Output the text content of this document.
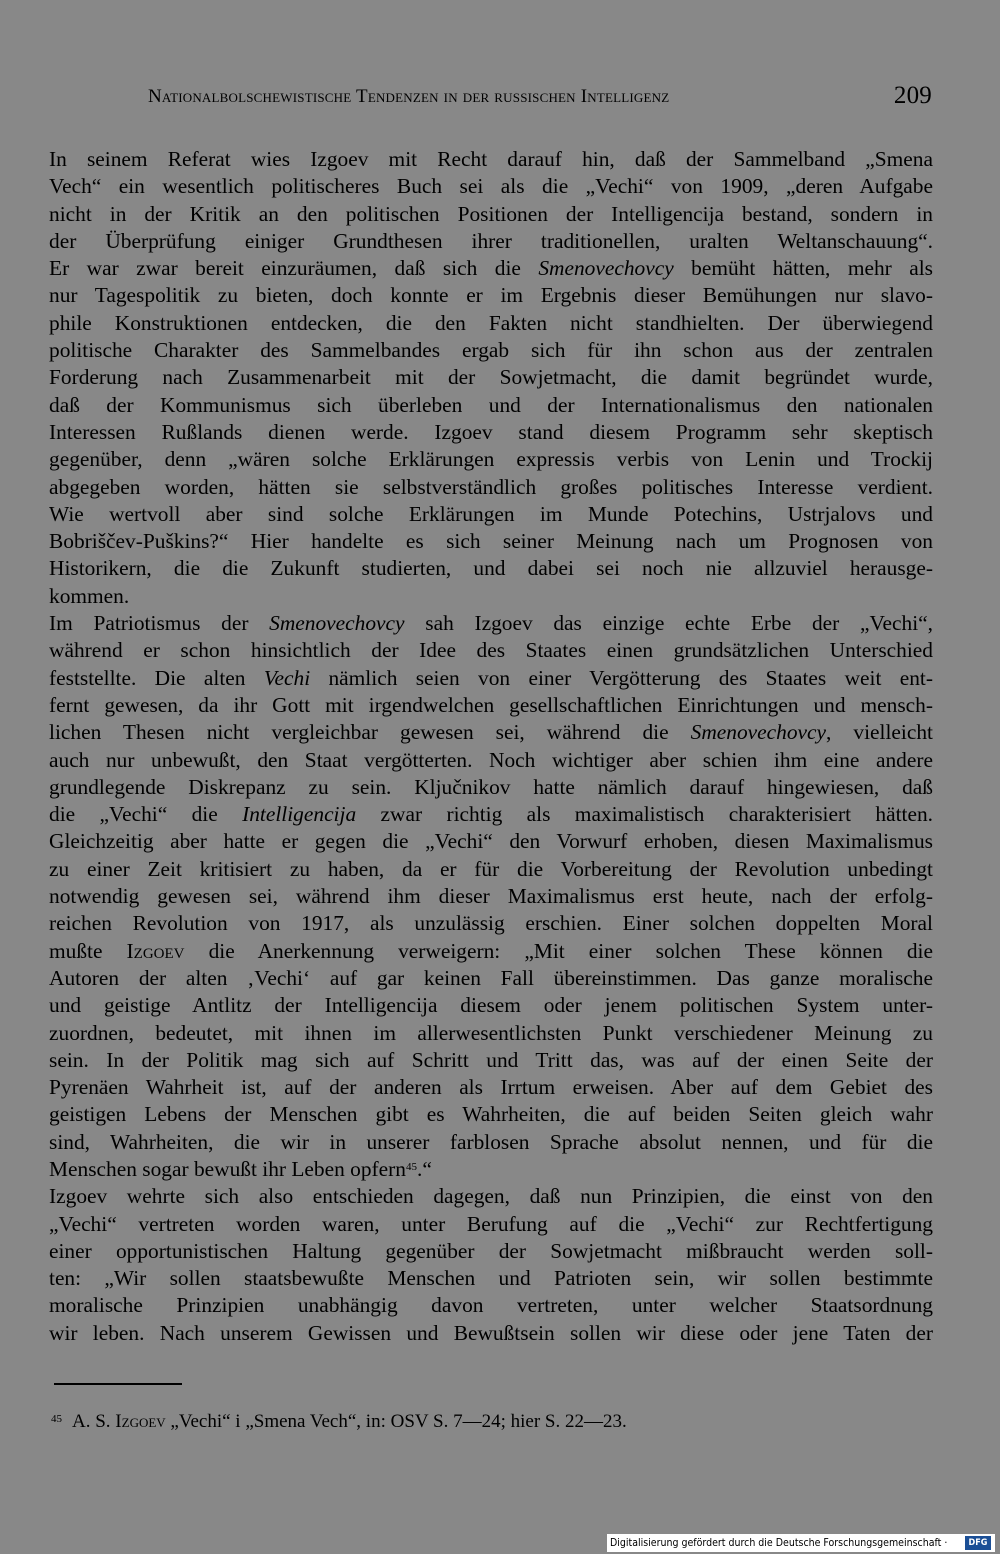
Nationalbolschewistische Tendenzen in der russischen Intelligenz	209
In seinem Referat wies Izgoev mit Recht darauf hin, daß der Sammelband „Smena
Vech“ ein wesentlich politischeres Buch sei als die „Vechi“ von 1909, „deren Aufgabe
nicht in der Kritik an den politischen Positionen der Intelligencija bestand, sondern in
der Überprüfung einiger Grundthesen ihrer traditionellen, uralten Weltanschauung“.
Er war zwar bereit einzuräumen, daß sich die Smenovechovcy bemüht hätten, mehr als
nur Tagespolitik zu bieten, doch konnte er im Ergebnis dieser Bemühungen nur slavo-
phile Konstruktionen entdecken, die den Fakten nicht standhielten. Der überwiegend
politische Charakter des Sammelbandes ergab sich für ihn schon aus der zentralen
Forderung nach Zusammenarbeit mit der Sowjetmacht, die damit begründet wurde,
daß der Kommunismus sich überleben und der Internationalismus den nationalen
Interessen Rußlands dienen werde. Izgoev stand diesem Programm sehr skeptisch
gegenüber, denn „wären solche Erklärungen expressis verbis von Lenin und Trockij
abgegeben worden, hätten sie selbstverständlich großes politisches Interesse verdient.
Wie wertvoll aber sind solche Erklärungen im Munde Potechins, Ustrjalovs und
Bobriščev-Puškins?“ Hier handelte es sich seiner Meinung nach um Prognosen von
Historikern, die die Zukunft studierten, und dabei sei noch nie allzuviel herausge-
kommen.
Im Patriotismus der Smenovechovcy sah Izgoev das einzige echte Erbe der „Vechi“,
während er schon hinsichtlich der Idee des Staates einen grundsätzlichen Unterschied
feststellte. Die alten Vechi nämlich seien von einer Vergötterung des Staates weit ent-
fernt gewesen, da ihr Gott mit irgendwelchen gesellschaftlichen Einrichtungen und mensch-
lichen Thesen nicht vergleichbar gewesen sei, während die Smenovechovcy, vielleicht
auch nur unbewußt, den Staat vergötterten. Noch wichtiger aber schien ihm eine andere
grundlegende Diskrepanz zu sein. Ključnikov hatte nämlich darauf hingewiesen, daß
die „Vechi“ die Intelligencija zwar richtig als maximalistisch charakterisiert hätten.
Gleichzeitig aber hatte er gegen die „Vechi“ den Vorwurf erhoben, diesen Maximalismus
zu einer Zeit kritisiert zu haben, da er für die Vorbereitung der Revolution unbedingt
notwendig gewesen sei, während ihm dieser Maximalismus erst heute, nach der erfolg-
reichen Revolution von 1917, als unzulässig erschien. Einer solchen doppelten Moral
mußte Izgoev die Anerkennung verweigern: „Mit einer solchen These können die
Autoren der alten ‚Vechi‘ auf gar keinen Fall übereinstimmen. Das ganze moralische
und geistige Antlitz der Intelligencija diesem oder jenem politischen System unter-
zuordnen, bedeutet, mit ihnen im allerwesentlichsten Punkt verschiedener Meinung zu
sein. In der Politik mag sich auf Schritt und Tritt das, was auf der einen Seite der
Pyrenäen Wahrheit ist, auf der anderen als Irrtum erweisen. Aber auf dem Gebiet des
geistigen Lebens der Menschen gibt es Wahrheiten, die auf beiden Seiten gleich wahr
sind, Wahrheiten, die wir in unserer farblosen Sprache absolut nennen, und für die
Menschen sogar bewußt ihr Leben opfern$^{45}$.“
Izgoev wehrte sich also entschieden dagegen, daß nun Prinzipien, die einst von den
„Vechi“ vertreten worden waren, unter Berufung auf die „Vechi“ zur Rechtfertigung
einer opportunistischen Haltung gegenüber der Sowjetmacht mißbraucht werden soll-
ten: „Wir sollen staatsbewußte Menschen und Patrioten sein, wir sollen bestimmte
moralische Prinzipien unabhängig davon vertreten, unter welcher Staatsordnung
wir leben. Nach unserem Gewissen und Bewußtsein sollen wir diese oder jene Taten der
$^{45}$ A. S. Izgoev „Vechi“ i „Smena Vech“, in: OSV S. 7—24; hier S. 22—23.
Digitalisierung gefördert durch die Deutsche Forschungsgemeinschaft ·	DFG
